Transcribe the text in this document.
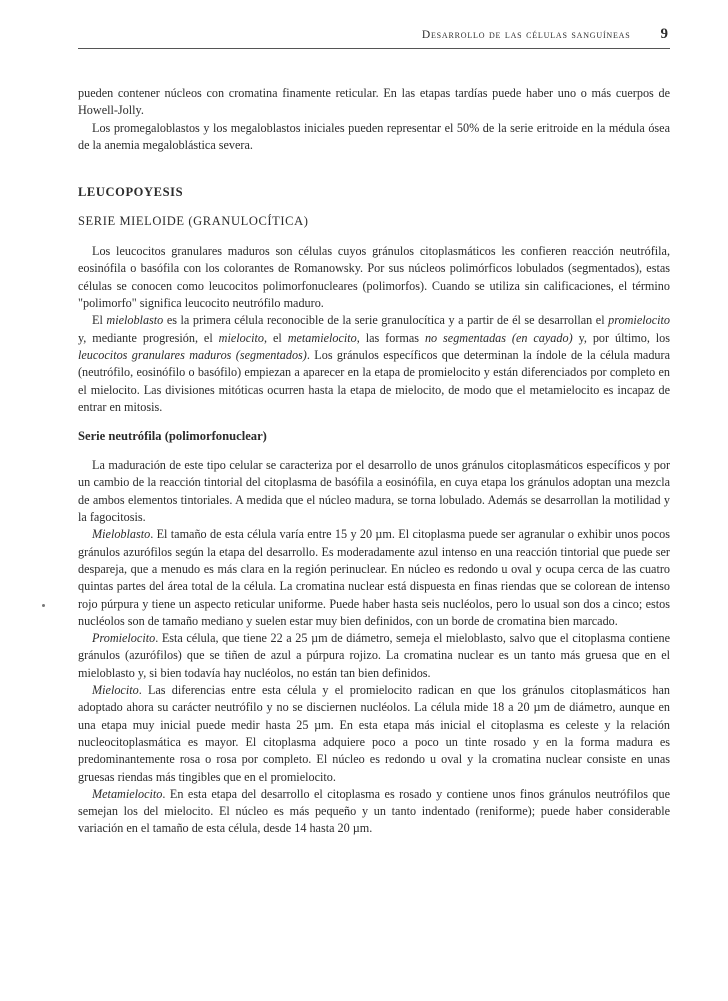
Desarrollo de las células sanguíneas 9

pueden contener núcleos con cromatina finamente reticular. En las etapas tardías puede haber uno o más cuerpos de Howell-Jolly.

Los promegaloblastos y los megaloblastos iniciales pueden representar el 50% de la serie eritroide en la médula ósea de la anemia megaloblástica severa.

LEUCOPOYESIS
SERIE MIELOIDE (GRANULOCÍTICA)

Los leucocitos granulares maduros son células cuyos gránulos citoplasmáticos les confieren reacción neutrófila, eosinófila o basófila con los colorantes de Romanowsky. Por sus núcleos polimórficos lobulados (segmentados), estas células se conocen como leucocitos polimorfonucleares (polimorfos). Cuando se utiliza sin calificaciones, el término "polimorfo" significa leucocito neutrófilo maduro.

El mieloblasto es la primera célula reconocible de la serie granulocítica y a partir de él se desarrollan el promielocito y, mediante progresión, el mielocito, el metamielocito, las formas no segmentadas (en cayado) y, por último, los leucocitos granulares maduros (segmentados). Los gránulos específicos que determinan la índole de la célula madura (neutrófilo, eosinófilo o basófilo) empiezan a aparecer en la etapa de promielocito y están diferenciados por completo en el mielocito. Las divisiones mitóticas ocurren hasta la etapa de mielocito, de modo que el metamielocito es incapaz de entrar en mitosis.

Serie neutrófila (polimorfonuclear)

La maduración de este tipo celular se caracteriza por el desarrollo de unos gránulos citoplasmáticos específicos y por un cambio de la reacción tintorial del citoplasma de basófila a eosinófila, en cuya etapa los gránulos adoptan una mezcla de ambos elementos tintoriales. A medida que el núcleo madura, se torna lobulado. Además se desarrollan la motilidad y la fagocitosis.

Mieloblasto. El tamaño de esta célula varía entre 15 y 20 µm. El citoplasma puede ser agranular o exhibir unos pocos gránulos azurófilos según la etapa del desarrollo. Es moderadamente azul intenso en una reacción tintorial que puede ser despareja, que a menudo es más clara en la región perinuclear. En núcleo es redondo u oval y ocupa cerca de las cuatro quintas partes del área total de la célula. La cromatina nuclear está dispuesta en finas riendas que se colorean de intenso rojo púrpura y tiene un aspecto reticular uniforme. Puede haber hasta seis nucléolos, pero lo usual son dos a cinco; estos nucléolos son de tamaño mediano y suelen estar muy bien definidos, con un borde de cromatina bien marcado.

Promielocito. Esta célula, que tiene 22 a 25 µm de diámetro, semeja el mieloblasto, salvo que el citoplasma contiene gránulos (azurófilos) que se tiñen de azul a púrpura rojizo. La cromatina nuclear es un tanto más gruesa que en el mieloblasto y, si bien todavía hay nucléolos, no están tan bien definidos.

Mielocito. Las diferencias entre esta célula y el promielocito radican en que los gránulos citoplasmáticos han adoptado ahora su carácter neutrófilo y no se disciernen nucléolos. La célula mide 18 a 20 µm de diámetro, aunque en una etapa muy inicial puede medir hasta 25 µm. En esta etapa más inicial el citoplasma es celeste y la relación nucleocitoplasmática es mayor. El citoplasma adquiere poco a poco un tinte rosado y en la forma madura es predominantemente rosa o rosa por completo. El núcleo es redondo u oval y la cromatina nuclear consiste en unas gruesas riendas más tingibles que en el promielocito.

Metamielocito. En esta etapa del desarrollo el citoplasma es rosado y contiene unos finos gránulos neutrófilos que semejan los del mielocito. El núcleo es más pequeño y un tanto indentado (reniforme); puede haber considerable variación en el tamaño de esta célula, desde 14 hasta 20 µm.
